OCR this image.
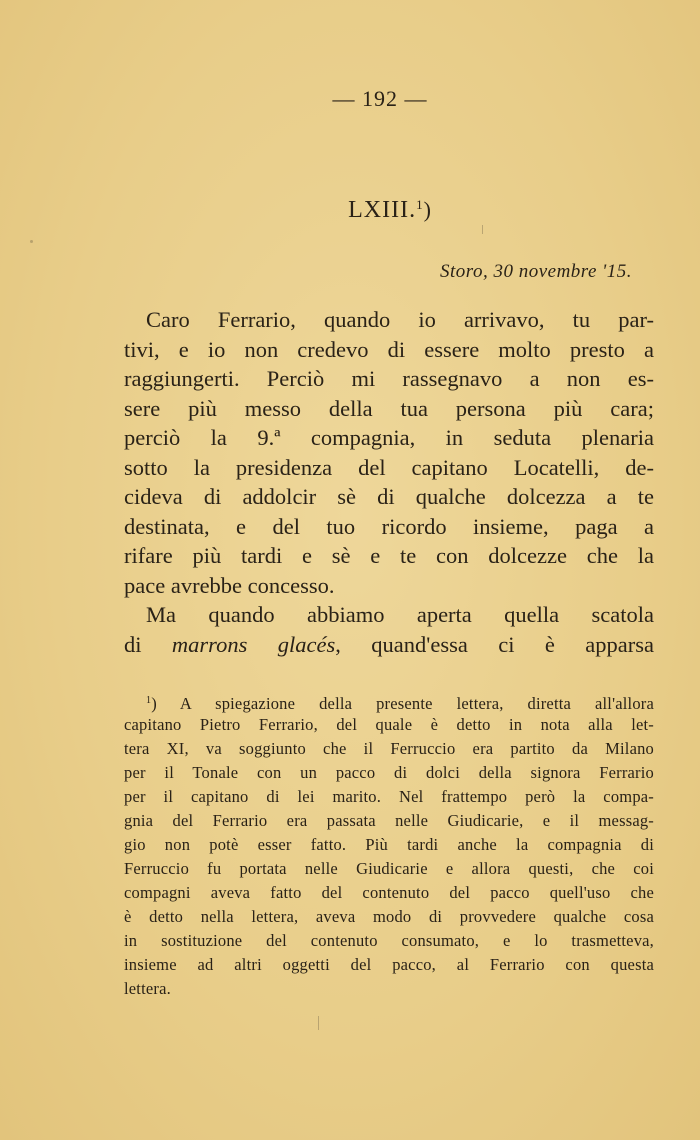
— 192 —
LXIII.$^1$)
Storo, 30 novembre '15.
Caro Ferrario, quando io arrivavo, tu par-
tivi, e io non credevo di essere molto presto a
raggiungerti. Perciò mi rassegnavo a non es-
sere più messo della tua persona più cara;
perciò la 9.ª compagnia, in seduta plenaria
sotto la presidenza del capitano Locatelli, de-
cideva di addolcir sè di qualche dolcezza a te
destinata, e del tuo ricordo insieme, paga a
rifare più tardi e sè e te con dolcezze che la
pace avrebbe concesso.
Ma quando abbiamo aperta quella scatola
di marrons glacés, quand'essa ci è apparsa
$^1$) A spiegazione della presente lettera, diretta all'allora
capitano Pietro Ferrario, del quale è detto in nota alla let-
tera XI, va soggiunto che il Ferruccio era partito da Milano
per il Tonale con un pacco di dolci della signora Ferrario
per il capitano di lei marito. Nel frattempo però la compa-
gnia del Ferrario era passata nelle Giudicarie, e il messag-
gio non potè esser fatto. Più tardi anche la compagnia di
Ferruccio fu portata nelle Giudicarie e allora questi, che coi
compagni aveva fatto del contenuto del pacco quell'uso che
è detto nella lettera, aveva modo di provvedere qualche cosa
in sostituzione del contenuto consumato, e lo trasmetteva,
insieme ad altri oggetti del pacco, al Ferrario con questa
lettera.
